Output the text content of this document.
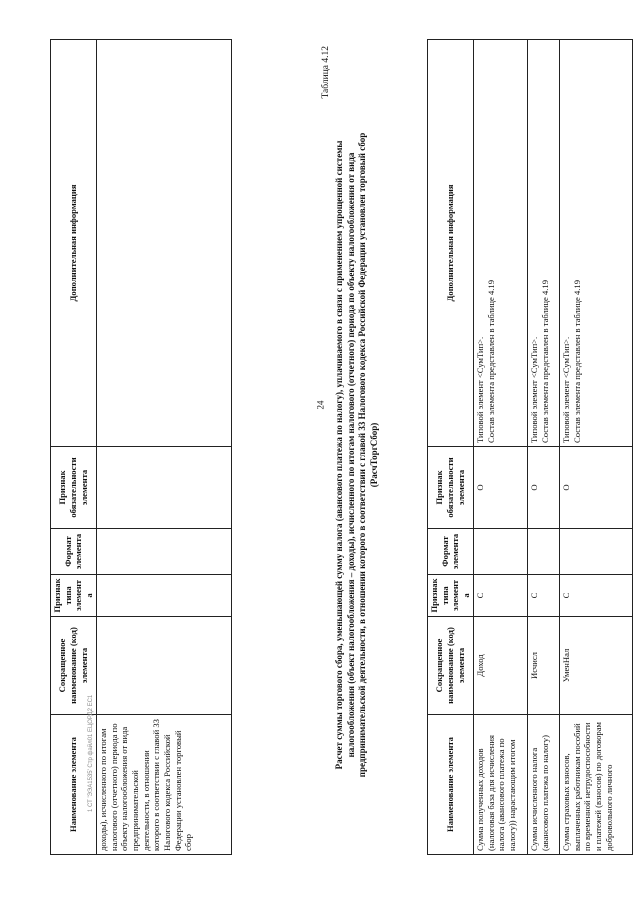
24
Наименование элемента	Сокращенное наименование (код) элемента	Признак типа элемента	Формат элемента	Признак обязательности элемента	Дополнительная информация
доходы), исчисленного по итогам налогового (отчетного) периода по объекту налогообложения от вида предпринимательской деятельности, в отношении которого в соответствии с главой 33 Налогового кодекса Российской Федерации установлен торговый сбор					
Таблица 4.12
Расчет суммы торгового сбора, уменьшающей сумму налога (авансового платежа по налогу), уплачиваемого в связи с применением упрощенной системы налогообложения (объект налогообложения – доходы), исчисленного по итогам налогового (отчетного) периода по объекту налогообложения от вида предпринимательской деятельности, в отношении которого в соответствии с главой 33 Налогового кодекса Российской Федерации установлен торговый сбор (РасчТоргСбор)
Наименование элемента	Сокращенное наименование (код) элемента	Признак типа элемента	Формат элемента	Признак обязательности элемента	Дополнительная информация
Сумма полученных доходов (налоговая база для исчисления налога (авансового платежа по налогу)) нарастающим итогом	Доход	С		О	Типовой элемент <СумТип>. Состав элемента представлен в таблице 4.19

Сумма исчисленного налога (авансового платежа по налогу)	Исчисл	С		О	Типовой элемент <СумТип>. Состав элемента представлен в таблице 4.19

Сумма страховых взносов, выплаченных работникам пособий по временной нетрудоспособности и платежей (взносов) по договорам добровольного личного	УменНал	С		О	Типовой элемент <СумТип>. Состав элемента представлен в таблице 4.19
1 СТ 'ЭЭА1535' Стр файл01 ЕЦОРД2 ЕС1
